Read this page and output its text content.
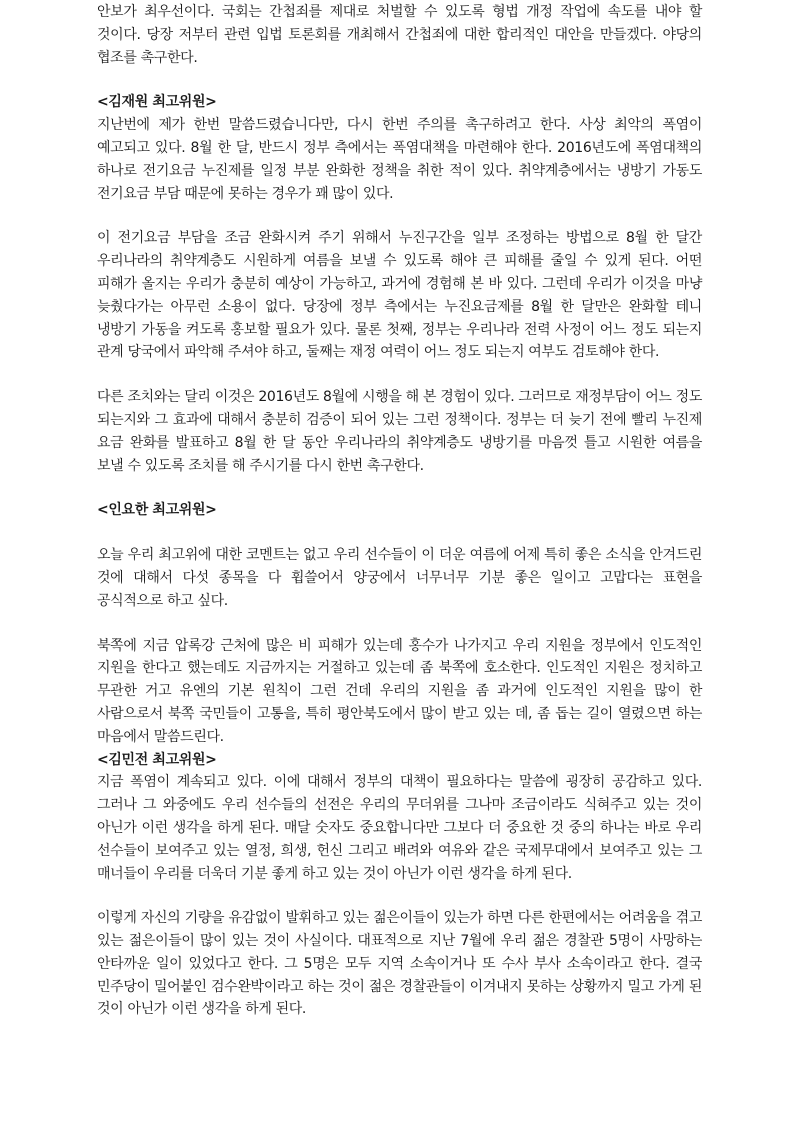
안보가 최우선이다. 국회는 간첩죄를 제대로 처벌할 수 있도록 형법 개정 작업에 속도를 내야 할 것이다. 당장 저부터 관련 입법 토론회를 개최해서 간첩죄에 대한 합리적인 대안을 만들겠다. 야당의 협조를 촉구한다.

<김재원 최고위원>

지난번에 제가 한번 말씀드렸습니다만, 다시 한번 주의를 촉구하려고 한다. 사상 최악의 폭염이 예고되고 있다. 8월 한 달, 반드시 정부 측에서는 폭염대책을 마련해야 한다. 2016년도에 폭염대책의 하나로 전기요금 누진제를 일정 부분 완화한 정책을 취한 적이 있다. 취약계층에서는 냉방기 가동도 전기요금 부담 때문에 못하는 경우가 꽤 많이 있다.

이 전기요금 부담을 조금 완화시켜 주기 위해서 누진구간을 일부 조정하는 방법으로 8월 한 달간 우리나라의 취약계층도 시원하게 여름을 보낼 수 있도록 해야 큰 피해를 줄일 수 있게 된다. 어떤 피해가 올지는 우리가 충분히 예상이 가능하고, 과거에 경험해 본 바 있다. 그런데 우리가 이것을 마냥 늦췄다가는 아무런 소용이 없다. 당장에 정부 측에서는 누진요금제를 8월 한 달만은 완화할 테니 냉방기 가동을 켜도록 홍보할 필요가 있다. 물론 첫째, 정부는 우리나라 전력 사정이 어느 정도 되는지 관계 당국에서 파악해 주셔야 하고, 둘째는 재정 여력이 어느 정도 되는지 여부도 검토해야 한다.

다른 조치와는 달리 이것은 2016년도 8월에 시행을 해 본 경험이 있다. 그러므로 재정부담이 어느 정도 되는지와 그 효과에 대해서 충분히 검증이 되어 있는 그런 정책이다. 정부는 더 늦기 전에 빨리 누진제 요금 완화를 발표하고 8월 한 달 동안 우리나라의 취약계층도 냉방기를 마음껏 틀고 시원한 여름을 보낼 수 있도록 조치를 해 주시기를 다시 한번 촉구한다.

<인요한 최고위원>

오늘 우리 최고위에 대한 코멘트는 없고 우리 선수들이 이 더운 여름에 어제 특히 좋은 소식을 안겨드린 것에 대해서 다섯 종목을 다 휩쓸어서 양궁에서 너무너무 기분 좋은 일이고 고맙다는 표현을 공식적으로 하고 싶다.

북쪽에 지금 압록강 근처에 많은 비 피해가 있는데 홍수가 나가지고 우리 지원을 정부에서 인도적인 지원을 한다고 했는데도 지금까지는 거절하고 있는데 좀 북쪽에 호소한다. 인도적인 지원은 정치하고 무관한 거고 유엔의 기본 원칙이 그런 건데 우리의 지원을 좀 과거에 인도적인 지원을 많이 한 사람으로서 북쪽 국민들이 고통을, 특히 평안북도에서 많이 받고 있는 데, 좀 돕는 길이 열렸으면 하는 마음에서 말씀드린다.

<김민전 최고위원>

지금 폭염이 계속되고 있다. 이에 대해서 정부의 대책이 필요하다는 말씀에 굉장히 공감하고 있다. 그러나 그 와중에도 우리 선수들의 선전은 우리의 무더위를 그나마 조금이라도 식혀주고 있는 것이 아닌가 이런 생각을 하게 된다. 매달 숫자도 중요합니다만 그보다 더 중요한 것 중의 하나는 바로 우리 선수들이 보여주고 있는 열정, 희생, 헌신 그리고 배려와 여유와 같은 국제무대에서 보여주고 있는 그 매너들이 우리를 더욱더 기분 좋게 하고 있는 것이 아닌가 이런 생각을 하게 된다.

이렇게 자신의 기량을 유감없이 발휘하고 있는 젊은이들이 있는가 하면 다른 한편에서는 어려움을 겪고 있는 젊은이들이 많이 있는 것이 사실이다. 대표적으로 지난 7월에 우리 젊은 경찰관 5명이 사망하는 안타까운 일이 있었다고 한다. 그 5명은 모두 지역 소속이거나 또 수사 부사 소속이라고 한다. 결국 민주당이 밀어붙인 검수완박이라고 하는 것이 젊은 경찰관들이 이겨내지 못하는 상황까지 밀고 가게 된 것이 아닌가 이런 생각을 하게 된다.
